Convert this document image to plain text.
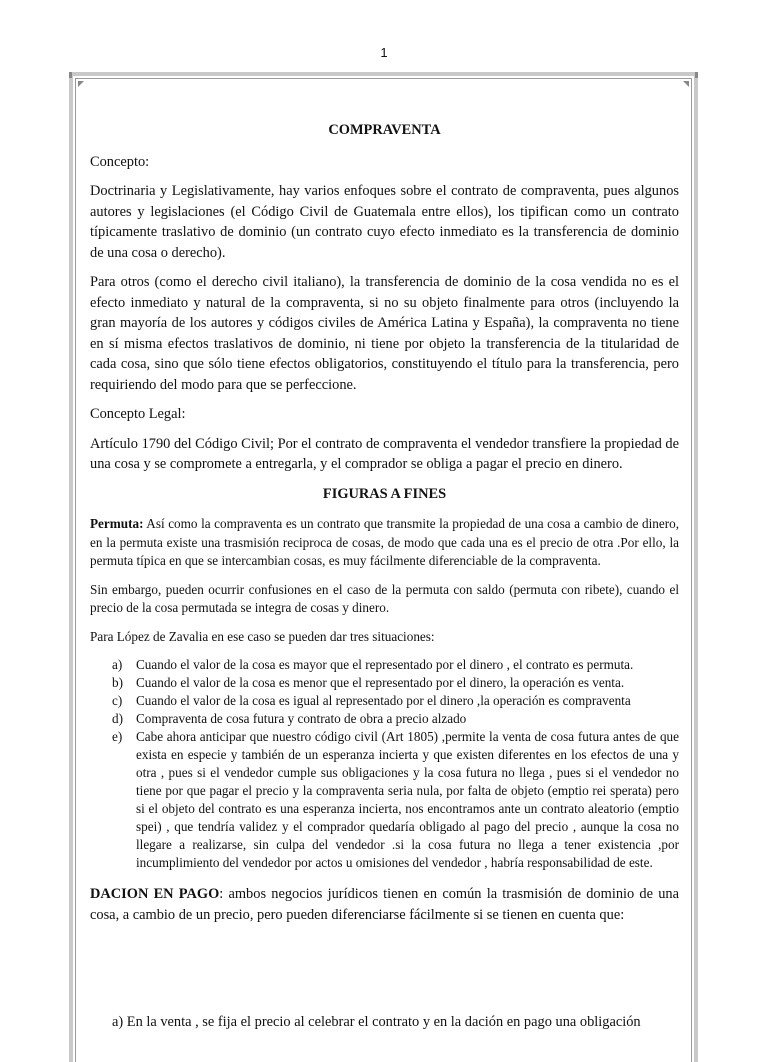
1

COMPRAVENTA

Concepto:

Doctrinaria y Legislativamente, hay varios enfoques sobre el contrato de compraventa, pues algunos autores y legislaciones (el Código Civil de Guatemala entre ellos), los tipifican como un contrato típicamente traslativo de dominio (un contrato cuyo efecto inmediato es la transferencia de dominio de una cosa o derecho).

Para otros (como el derecho civil italiano), la transferencia de dominio de la cosa vendida no es el efecto inmediato y natural de la compraventa, si no su objeto finalmente para otros (incluyendo la gran mayoría de los autores y códigos civiles de América Latina y España), la compraventa no tiene en sí misma efectos traslativos de dominio, ni tiene por objeto la transferencia de la titularidad de cada cosa, sino que sólo tiene efectos obligatorios, constituyendo el título para la transferencia, pero requiriendo del modo para que se perfeccione.

Concepto Legal:

Artículo 1790 del Código Civil; Por el contrato de compraventa el vendedor transfiere la propiedad de una cosa y se compromete a entregarla, y el comprador se obliga a pagar el precio en dinero.

FIGURAS A FINES

Permuta: Así como la compraventa es un contrato que transmite la propiedad de una cosa a cambio de dinero, en la permuta existe una trasmisión reciproca de cosas, de modo que cada una es el precio de otra .Por ello, la permuta típica en que se intercambian cosas, es muy fácilmente diferenciable de la compraventa.

Sin embargo, pueden ocurrir confusiones en el caso de la permuta con saldo (permuta con ribete), cuando el precio de la cosa permutada se integra de cosas y dinero.

Para López de Zavalia en ese caso se pueden dar tres situaciones:

a) Cuando el valor de la cosa es mayor que el representado por el dinero , el contrato es permuta.
b) Cuando el valor de la cosa es menor que el representado por el dinero, la operación es venta.
c) Cuando el valor de la cosa es igual al representado por el dinero ,la operación es compraventa
d) Compraventa de cosa futura y contrato de obra a precio alzado
e) Cabe ahora anticipar que nuestro código civil (Art 1805) ,permite la venta de cosa futura antes de que exista en especie y también de un esperanza incierta y que existen diferentes en los efectos de una y otra , pues si el vendedor cumple sus obligaciones y la cosa futura no llega , pues si el vendedor no tiene por que pagar el precio y la compraventa seria nula, por falta de objeto (emptio rei sperata) pero si el objeto del contrato es una esperanza incierta, nos encontramos ante un contrato aleatorio (emptio spei) , que tendría validez y el comprador quedaría obligado al pago del precio , aunque la cosa no llegare a realizarse, sin culpa del vendedor .si la cosa futura no llega a tener existencia ,por incumplimiento del vendedor por actos u omisiones del vendedor , habría responsabilidad de este.

DACION EN PAGO: ambos negocios jurídicos tienen en común la trasmisión de dominio de una cosa, a cambio de un precio, pero pueden diferenciarse fácilmente si se tienen en cuenta que:

a) En la venta , se fija el precio al celebrar el contrato y en la dación en pago una obligación
